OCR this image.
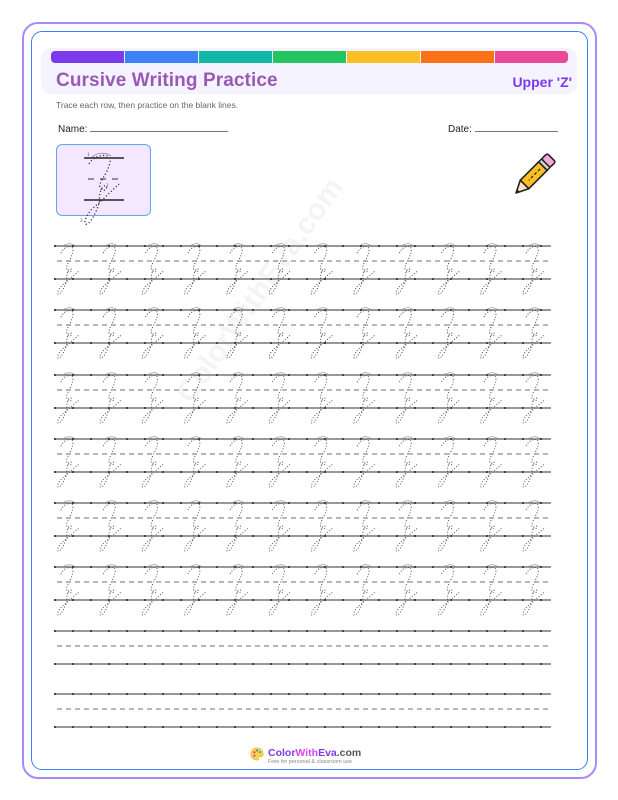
Cursive Writing Practice	Upper 'Z'
Trace each row, then practice on the blank lines.
Name:	Date:
1
2
3
ColorWithEva.com
Free for personal & classroom use
